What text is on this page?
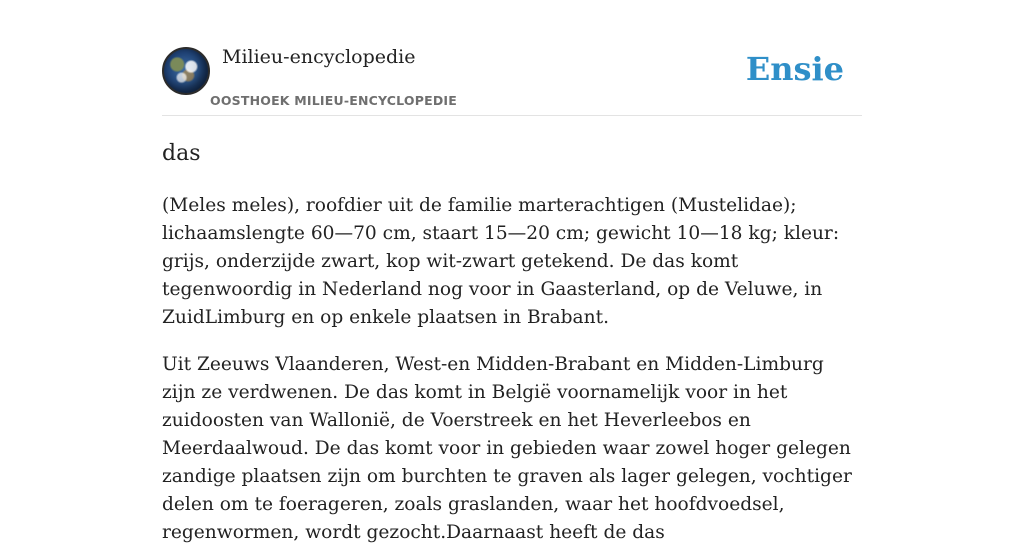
Milieu-encyclopedie
OOSTHOEK MILIEU-ENCYCLOPEDIE
Ensie
das

(Meles meles), roofdier uit de familie marterachtigen (Mustelidae); lichaamslengte 60—70 cm, staart 15—20 cm; gewicht 10—18 kg; kleur: grijs, onderzijde zwart, kop wit-zwart getekend. De das komt tegenwoordig in Nederland nog voor in Gaasterland, op de Veluwe, in ZuidLimburg en op enkele plaatsen in Brabant.

Uit Zeeuws Vlaanderen, West-en Midden-Brabant en Midden-Limburg zijn ze verdwenen. De das komt in België voornamelijk voor in het zuidoosten van Wallonië, de Voerstreek en het Heverleebos en Meerdaalwoud. De das komt voor in gebieden waar zowel hoger gelegen zandige plaatsen zijn om burchten te graven als lager gelegen, vochtiger delen om te foerageren, zoals graslanden, waar het hoofdvoedsel, regenwormen, wordt gezocht.Daarnaast heeft de das
